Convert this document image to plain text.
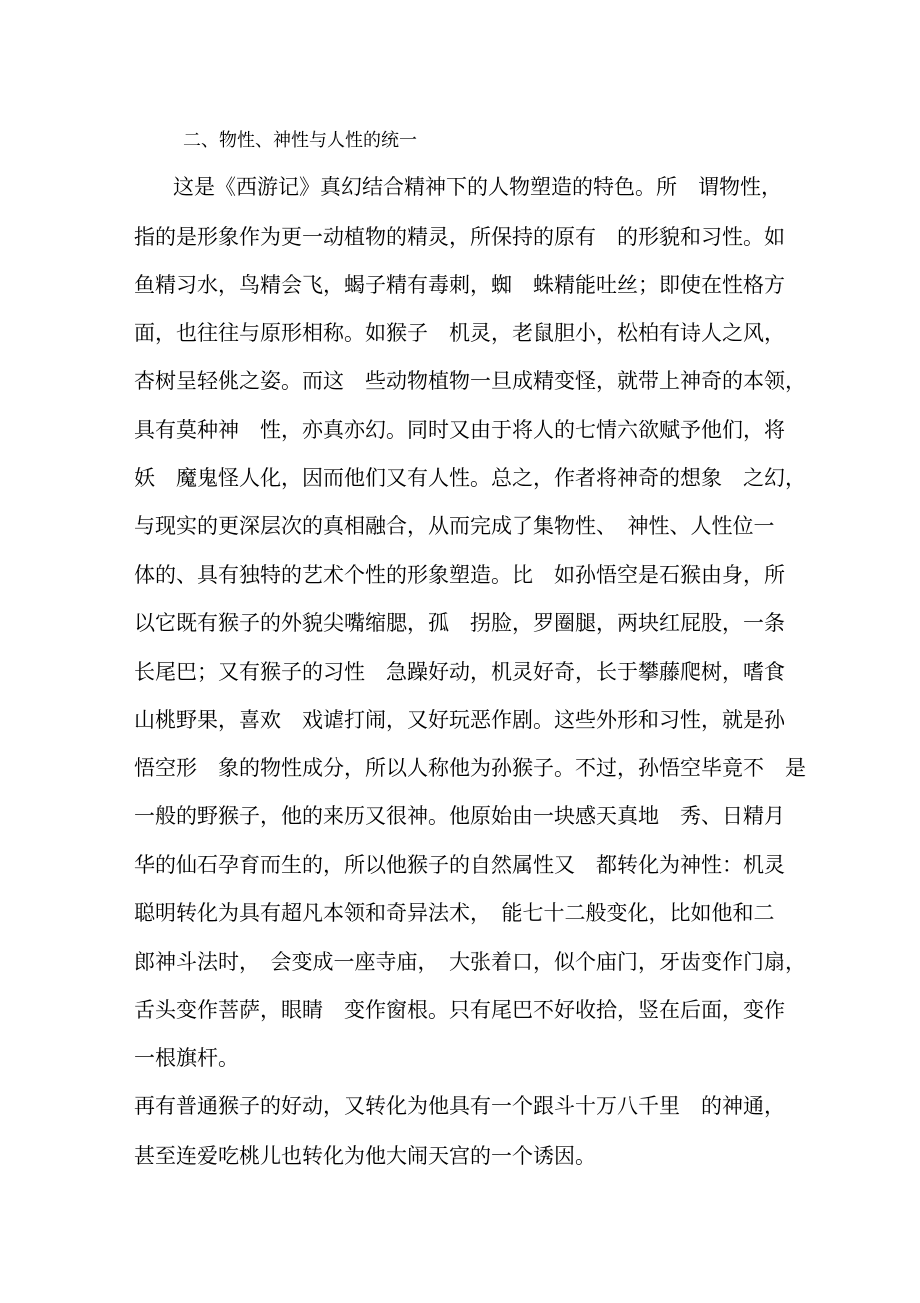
二、物性、神性与人性的统一
这是《西游记》真幻结合精神下的人物塑造的特色。所　谓物性，
指的是形象作为更一动植物的精灵，所保持的原有　的形貌和习性。如
鱼精习水，鸟精会飞，蝎子精有毒刺，蜘　蛛精能吐丝；即使在性格方
面，也往往与原形相称。如猴子　机灵，老鼠胆小，松柏有诗人之风，
杏树呈轻佻之姿。而这　些动物植物一旦成精变怪，就带上神奇的本领，
具有莫种神　性，亦真亦幻。同时又由于将人的七情六欲赋予他们，将
妖　魔鬼怪人化，因而他们又有人性。总之，作者将神奇的想象　之幻，
与现实的更深层次的真相融合，从而完成了集物性、　神性、人性位一
体的、具有独特的艺术个性的形象塑造。比　如孙悟空是石猴由身，所
以它既有猴子的外貌尖嘴缩腮，孤　拐脸，罗圈腿，两块红屁股，一条
长尾巴；又有猴子的习性　急躁好动，机灵好奇，长于攀藤爬树，嗜食
山桃野果，喜欢　戏谑打闹，又好玩恶作剧。这些外形和习性，就是孙
悟空形　象的物性成分，所以人称他为孙猴子。不过，孙悟空毕竟不　是
一般的野猴子，他的来历又很神。他原始由一块感天真地　秀、日精月
华的仙石孕育而生的，所以他猴子的自然属性又　都转化为神性：机灵
聪明转化为具有超凡本领和奇异法术，　能七十二般变化，比如他和二
郎神斗法时，　会变成一座寺庙，　大张着口，似个庙门，牙齿变作门扇，
舌头变作菩萨，眼睛　变作窗根。只有尾巴不好收拾，竖在后面，变作
一根旗杆。
再有普通猴子的好动，又转化为他具有一个跟斗十万八千里　的神通，
甚至连爱吃桃儿也转化为他大闹天宫的一个诱因。
